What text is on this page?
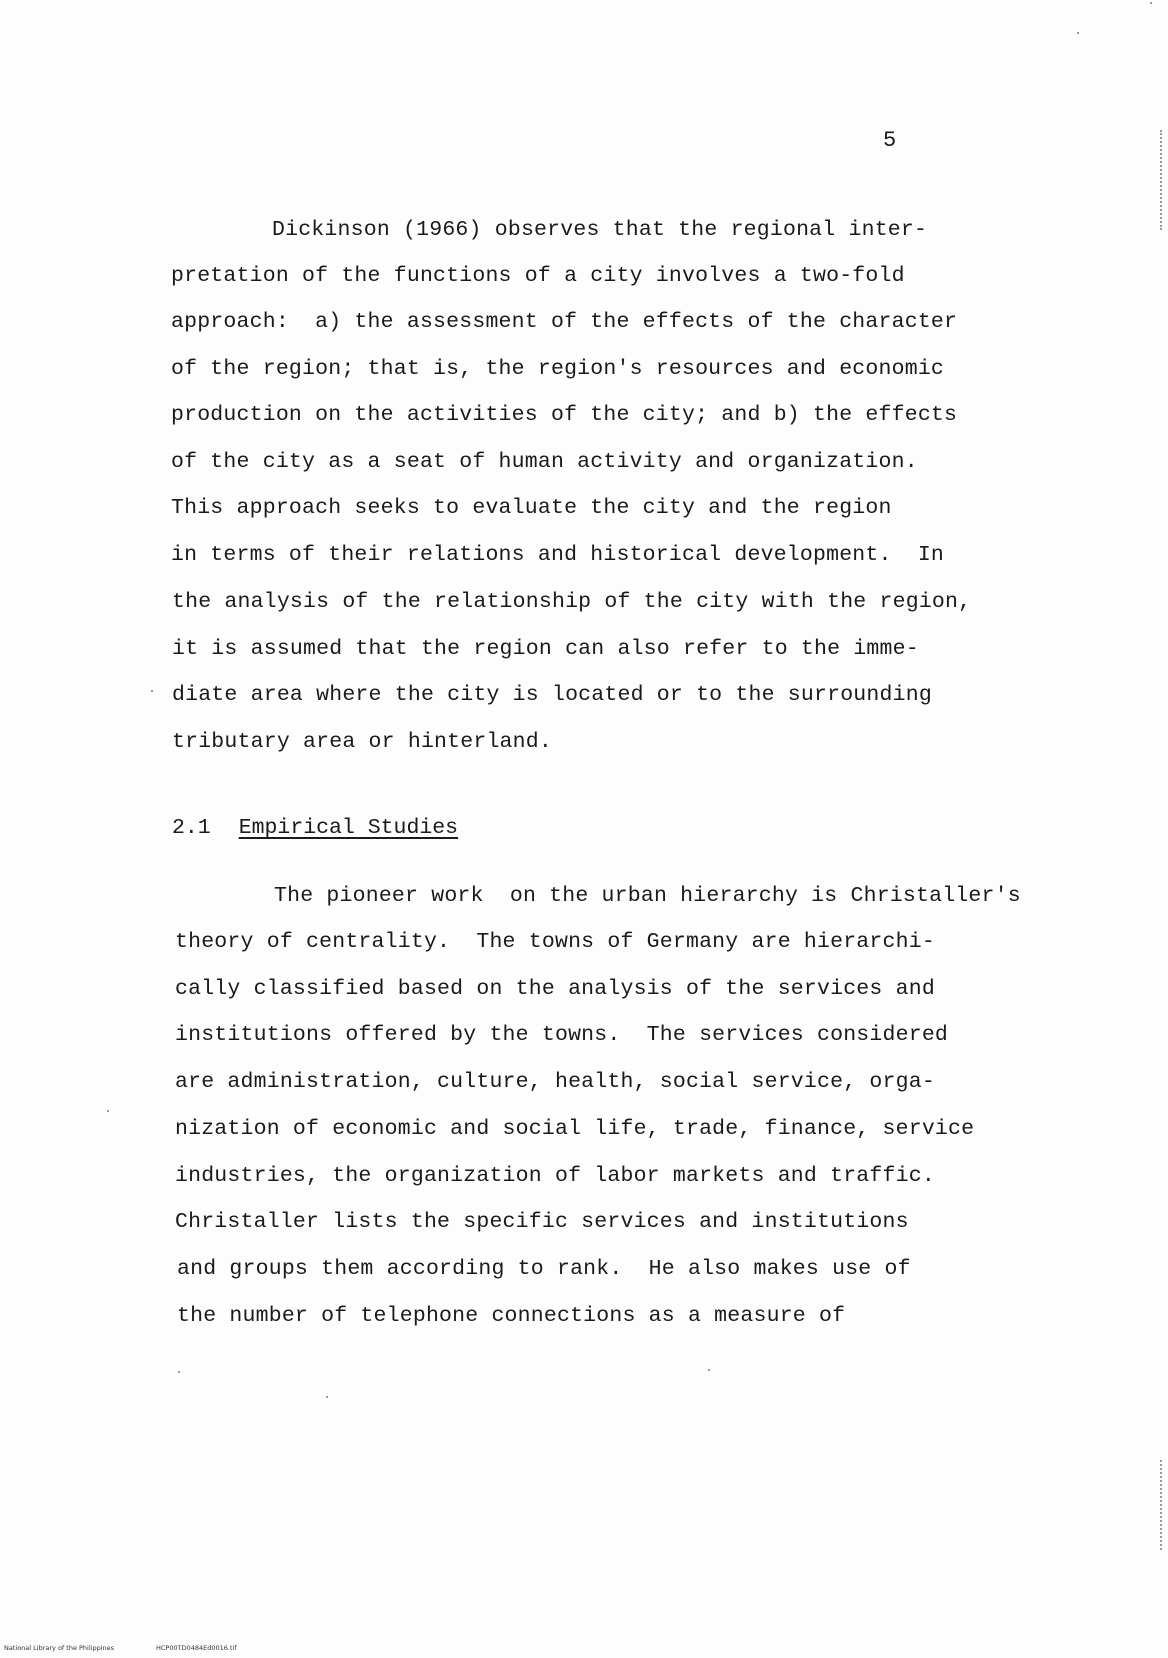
5
Dickinson (1966) observes that the regional inter-
pretation of the functions of a city involves a two-fold
approach:  a) the assessment of the effects of the character
of the region; that is, the region's resources and economic
production on the activities of the city; and b) the effects
of the city as a seat of human activity and organization.
This approach seeks to evaluate the city and the region
in terms of their relations and historical development.  In
the analysis of the relationship of the city with the region,
it is assumed that the region can also refer to the imme-
diate area where the city is located or to the surrounding
tributary area or hinterland.
2.1 Empirical Studies
The pioneer work  on the urban hierarchy is Christaller's
theory of centrality.  The towns of Germany are hierarchi-
cally classified based on the analysis of the services and
institutions offered by the towns.  The services considered
are administration, culture, health, social service, orga-
nization of economic and social life, trade, finance, service
industries, the organization of labor markets and traffic.
Christaller lists the specific services and institutions
and groups them according to rank.  He also makes use of
the number of telephone connections as a measure of
National Library of the Philippines	HCP00TD0484Ed0016.tif
